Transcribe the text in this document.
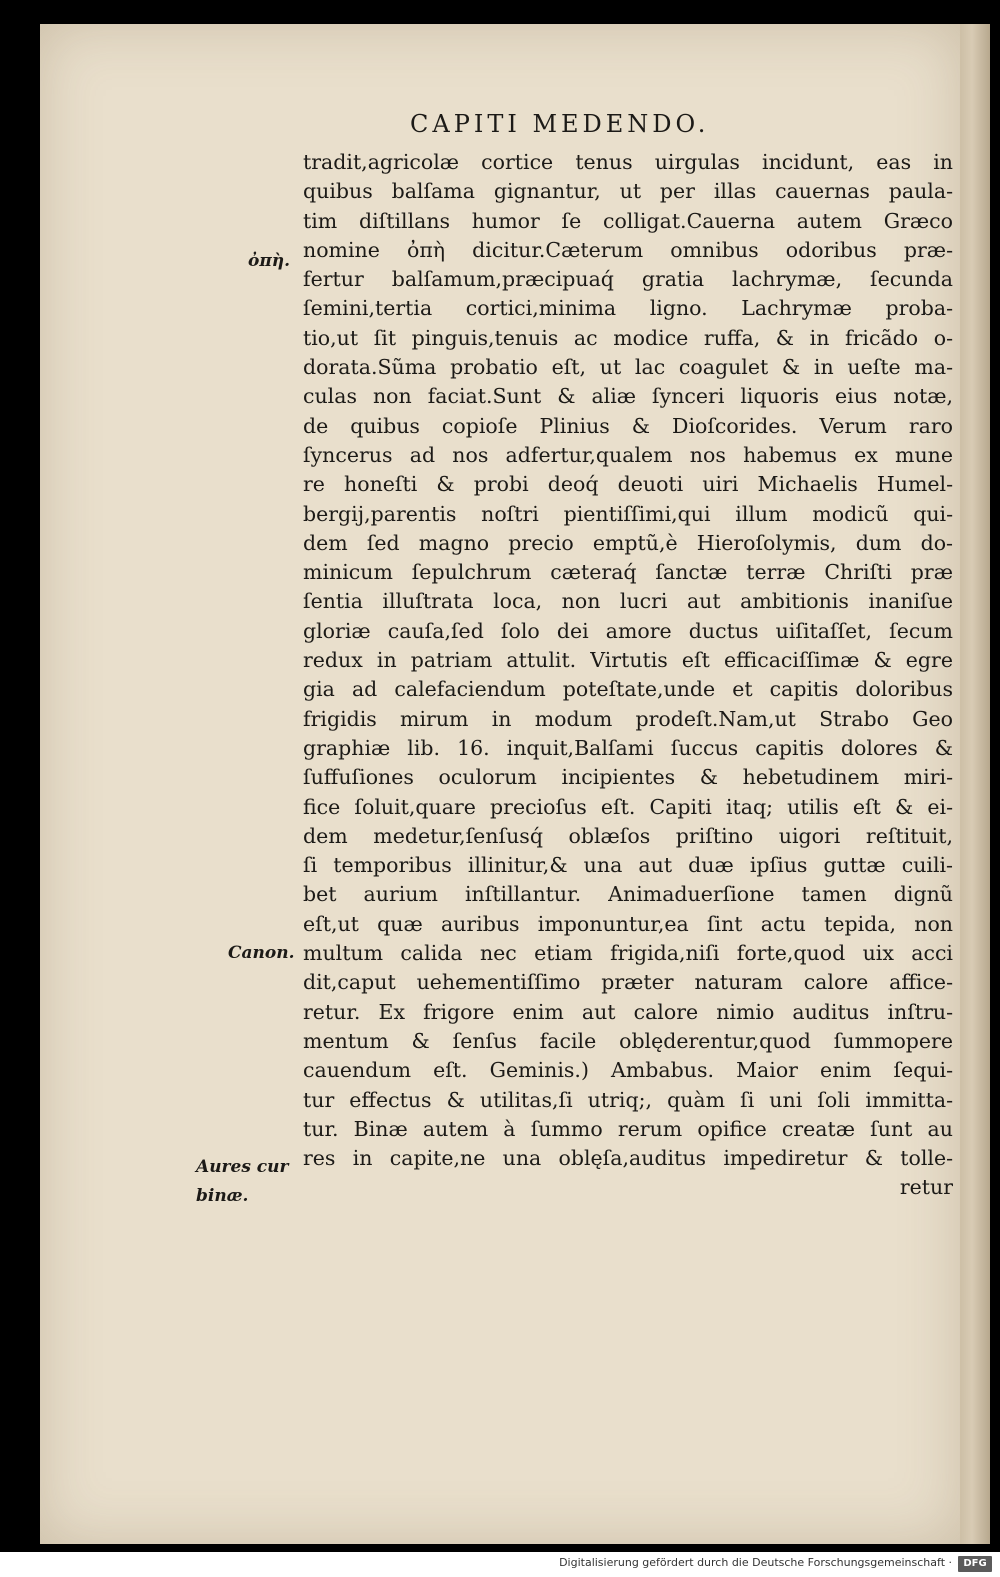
CAPITI MEDENDO.

tradit,agricolæ cortice tenus uirgulas incidunt, eas in
quibus balſama gignantur, ut per illas cauernas paula-
tim diſtillans humor ſe colligat.Cauerna autem Græco
nomine ὀπὴ dicitur.Cæterum omnibus odoribus præ-
fertur balſamum,præcipuaq́ gratia lachrymæ, ſecunda
ſemini,tertia cortici,minima ligno. Lachrymæ proba-
tio,ut ſit pinguis,tenuis ac modice ruffa, & in fricãdo o-
dorata.Sũma probatio eſt, ut lac coagulet & in ueſte ma-
culas non faciat.Sunt & aliæ ſynceri liquoris eius notæ,
de quibus copioſe Plinius & Dioſcorides. Verum raro
ſyncerus ad nos adfertur,qualem nos habemus ex mune
re honeſti & probi deoq́ deuoti uiri Michaelis Humel-
bergij,parentis noſtri pientiſſimi,qui illum modicũ qui-
dem ſed magno precio emptũ,è Hieroſolymis, dum do-
minicum ſepulchrum cæteraq́ ſanctæ terræ Chriſti præ
ſentia illuſtrata loca, non lucri aut ambitionis inaniſue
gloriæ cauſa,ſed ſolo dei amore ductus uiſitaſſet, ſecum
redux in patriam attulit. Virtutis eſt efficaciſſimæ & egre
gia ad calefaciendum poteſtate,unde et capitis doloribus
frigidis mirum in modum prodeſt.Nam,ut Strabo Geo
graphiæ lib. 16. inquit,Balſami ſuccus capitis dolores &
ſuffuſiones oculorum incipientes & hebetudinem miri-
fice ſoluit,quare precioſus eſt. Capiti itaq; utilis eſt & ei-
dem medetur,ſenſusq́ oblæſos priſtino uigori reſtituit,
ſi temporibus illinitur,& una aut duæ ipſius guttæ cuili-
bet aurium inſtillantur. Animaduerſione tamen dignũ
eſt,ut quæ auribus imponuntur,ea ſint actu tepida, non
multum calida nec etiam frigida,niſi forte,quod uix acci
dit,caput uehementiſſimo præter naturam calore affice-
retur. Ex frigore enim aut calore nimio auditus inſtru-
mentum & ſenſus facile oblęderentur,quod ſummopere
cauendum eſt. Geminis.) Ambabus. Maior enim ſequi-
tur effectus & utilitas,ſi utriq;, quàm ſi uni ſoli immitta-
tur. Binæ autem à ſummo rerum opifice creatæ ſunt au
res in capite,ne una oblęſa,auditus impediretur & tolle-
retur
ὀπὴ.
Canon.
Aures cur
binæ.
Digitalisierung gefördert durch die Deutsche Forschungsgemeinschaft ·	DFG
